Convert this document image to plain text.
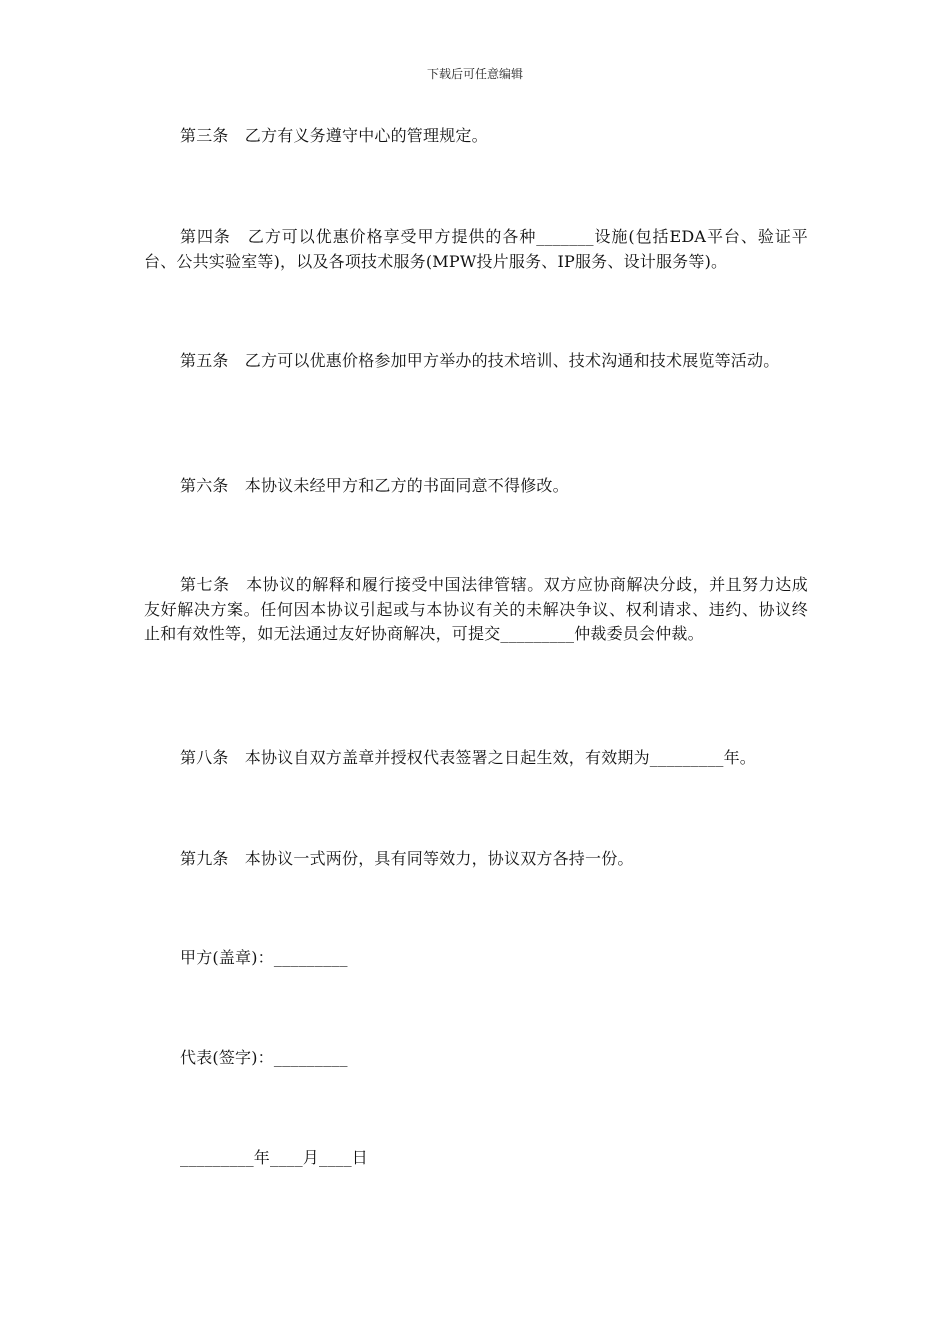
下载后可任意编辑
第三条　乙方有义务遵守中心的管理规定。
第四条　乙方可以优惠价格享受甲方提供的各种_______设施(包括EDA平台、验证平台、公共实验室等)，以及各项技术服务(MPW投片服务、IP服务、设计服务等)。
第五条　乙方可以优惠价格参加甲方举办的技术培训、技术沟通和技术展览等活动。
第六条　本协议未经甲方和乙方的书面同意不得修改。
第七条　本协议的解释和履行接受中国法律管辖。双方应协商解决分歧，并且努力达成友好解决方案。任何因本协议引起或与本协议有关的未解决争议、权利请求、违约、协议终止和有效性等，如无法通过友好协商解决，可提交_________仲裁委员会仲裁。
第八条　本协议自双方盖章并授权代表签署之日起生效，有效期为_________年。
第九条　本协议一式两份，具有同等效力，协议双方各持一份。
甲方(盖章)：_________
代表(签字)：_________
_________年____月____日
